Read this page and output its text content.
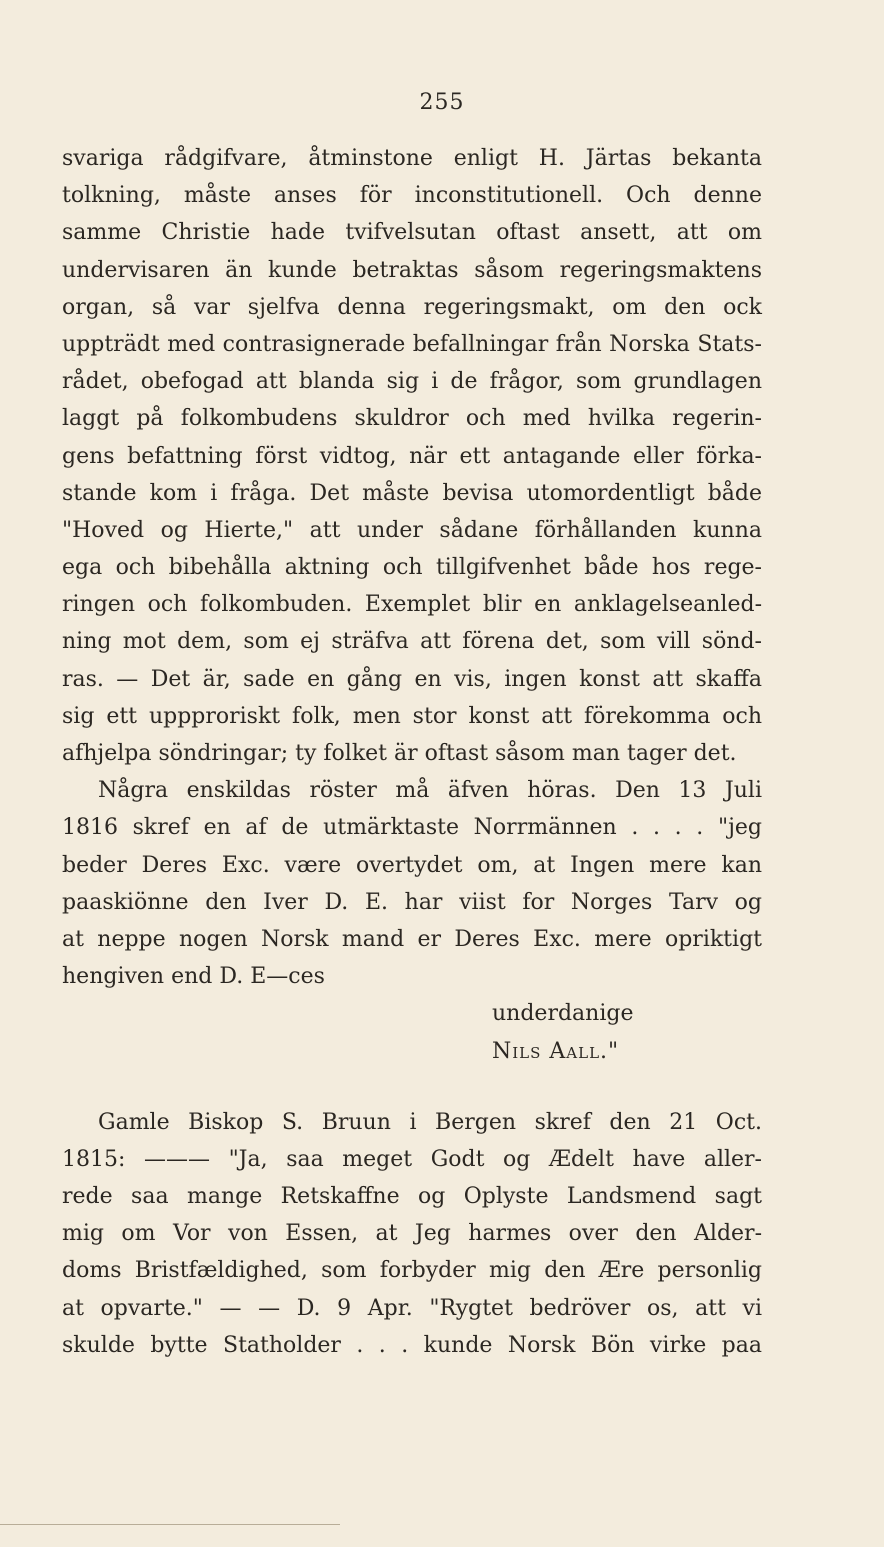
255
svariga rådgifvare, åtminstone enligt H. Järtas bekanta
tolkning, måste anses för inconstitutionell. Och denne
samme Christie hade tvifvelsutan oftast ansett, att om
undervisaren än kunde betraktas såsom regeringsmaktens
organ, så var sjelfva denna regeringsmakt, om den ock
uppträdt med contrasignerade befallningar från Norska Stats-
rådet, obefogad att blanda sig i de frågor, som grundlagen
laggt på folkombudens skuldror och med hvilka regerin-
gens befattning först vidtog, när ett antagande eller förka-
stande kom i fråga. Det måste bevisa utomordentligt både
"Hoved og Hierte," att under sådane förhållanden kunna
ega och bibehålla aktning och tillgifvenhet både hos rege-
ringen och folkombuden. Exemplet blir en anklagelseanled-
ning mot dem, som ej sträfva att förena det, som vill sönd-
ras. — Det är, sade en gång en vis, ingen konst att skaffa
sig ett uppproriskt folk, men stor konst att förekomma och
afhjelpa söndringar; ty folket är oftast såsom man tager det.
Några enskildas röster må äfven höras. Den 13 Juli
1816 skref en af de utmärktaste Norrmännen . . . . "jeg
beder Deres Exc. være overtydet om, at Ingen mere kan
paaskiönne den Iver D. E. har viist for Norges Tarv og
at neppe nogen Norsk mand er Deres Exc. mere opriktigt
hengiven end D. E—ces
underdanige
Nils Aall."
Gamle Biskop S. Bruun i Bergen skref den 21 Oct.
1815: ——— "Ja, saa meget Godt og Ædelt have aller-
rede saa mange Retskaffne og Oplyste Landsmend sagt
mig om Vor von Essen, at Jeg harmes over den Alder-
doms Bristfældighed, som forbyder mig den Ære personlig
at opvarte." — — D. 9 Apr. "Rygtet bedröver os, att vi
skulde bytte Statholder . . . kunde Norsk Bön virke paa
